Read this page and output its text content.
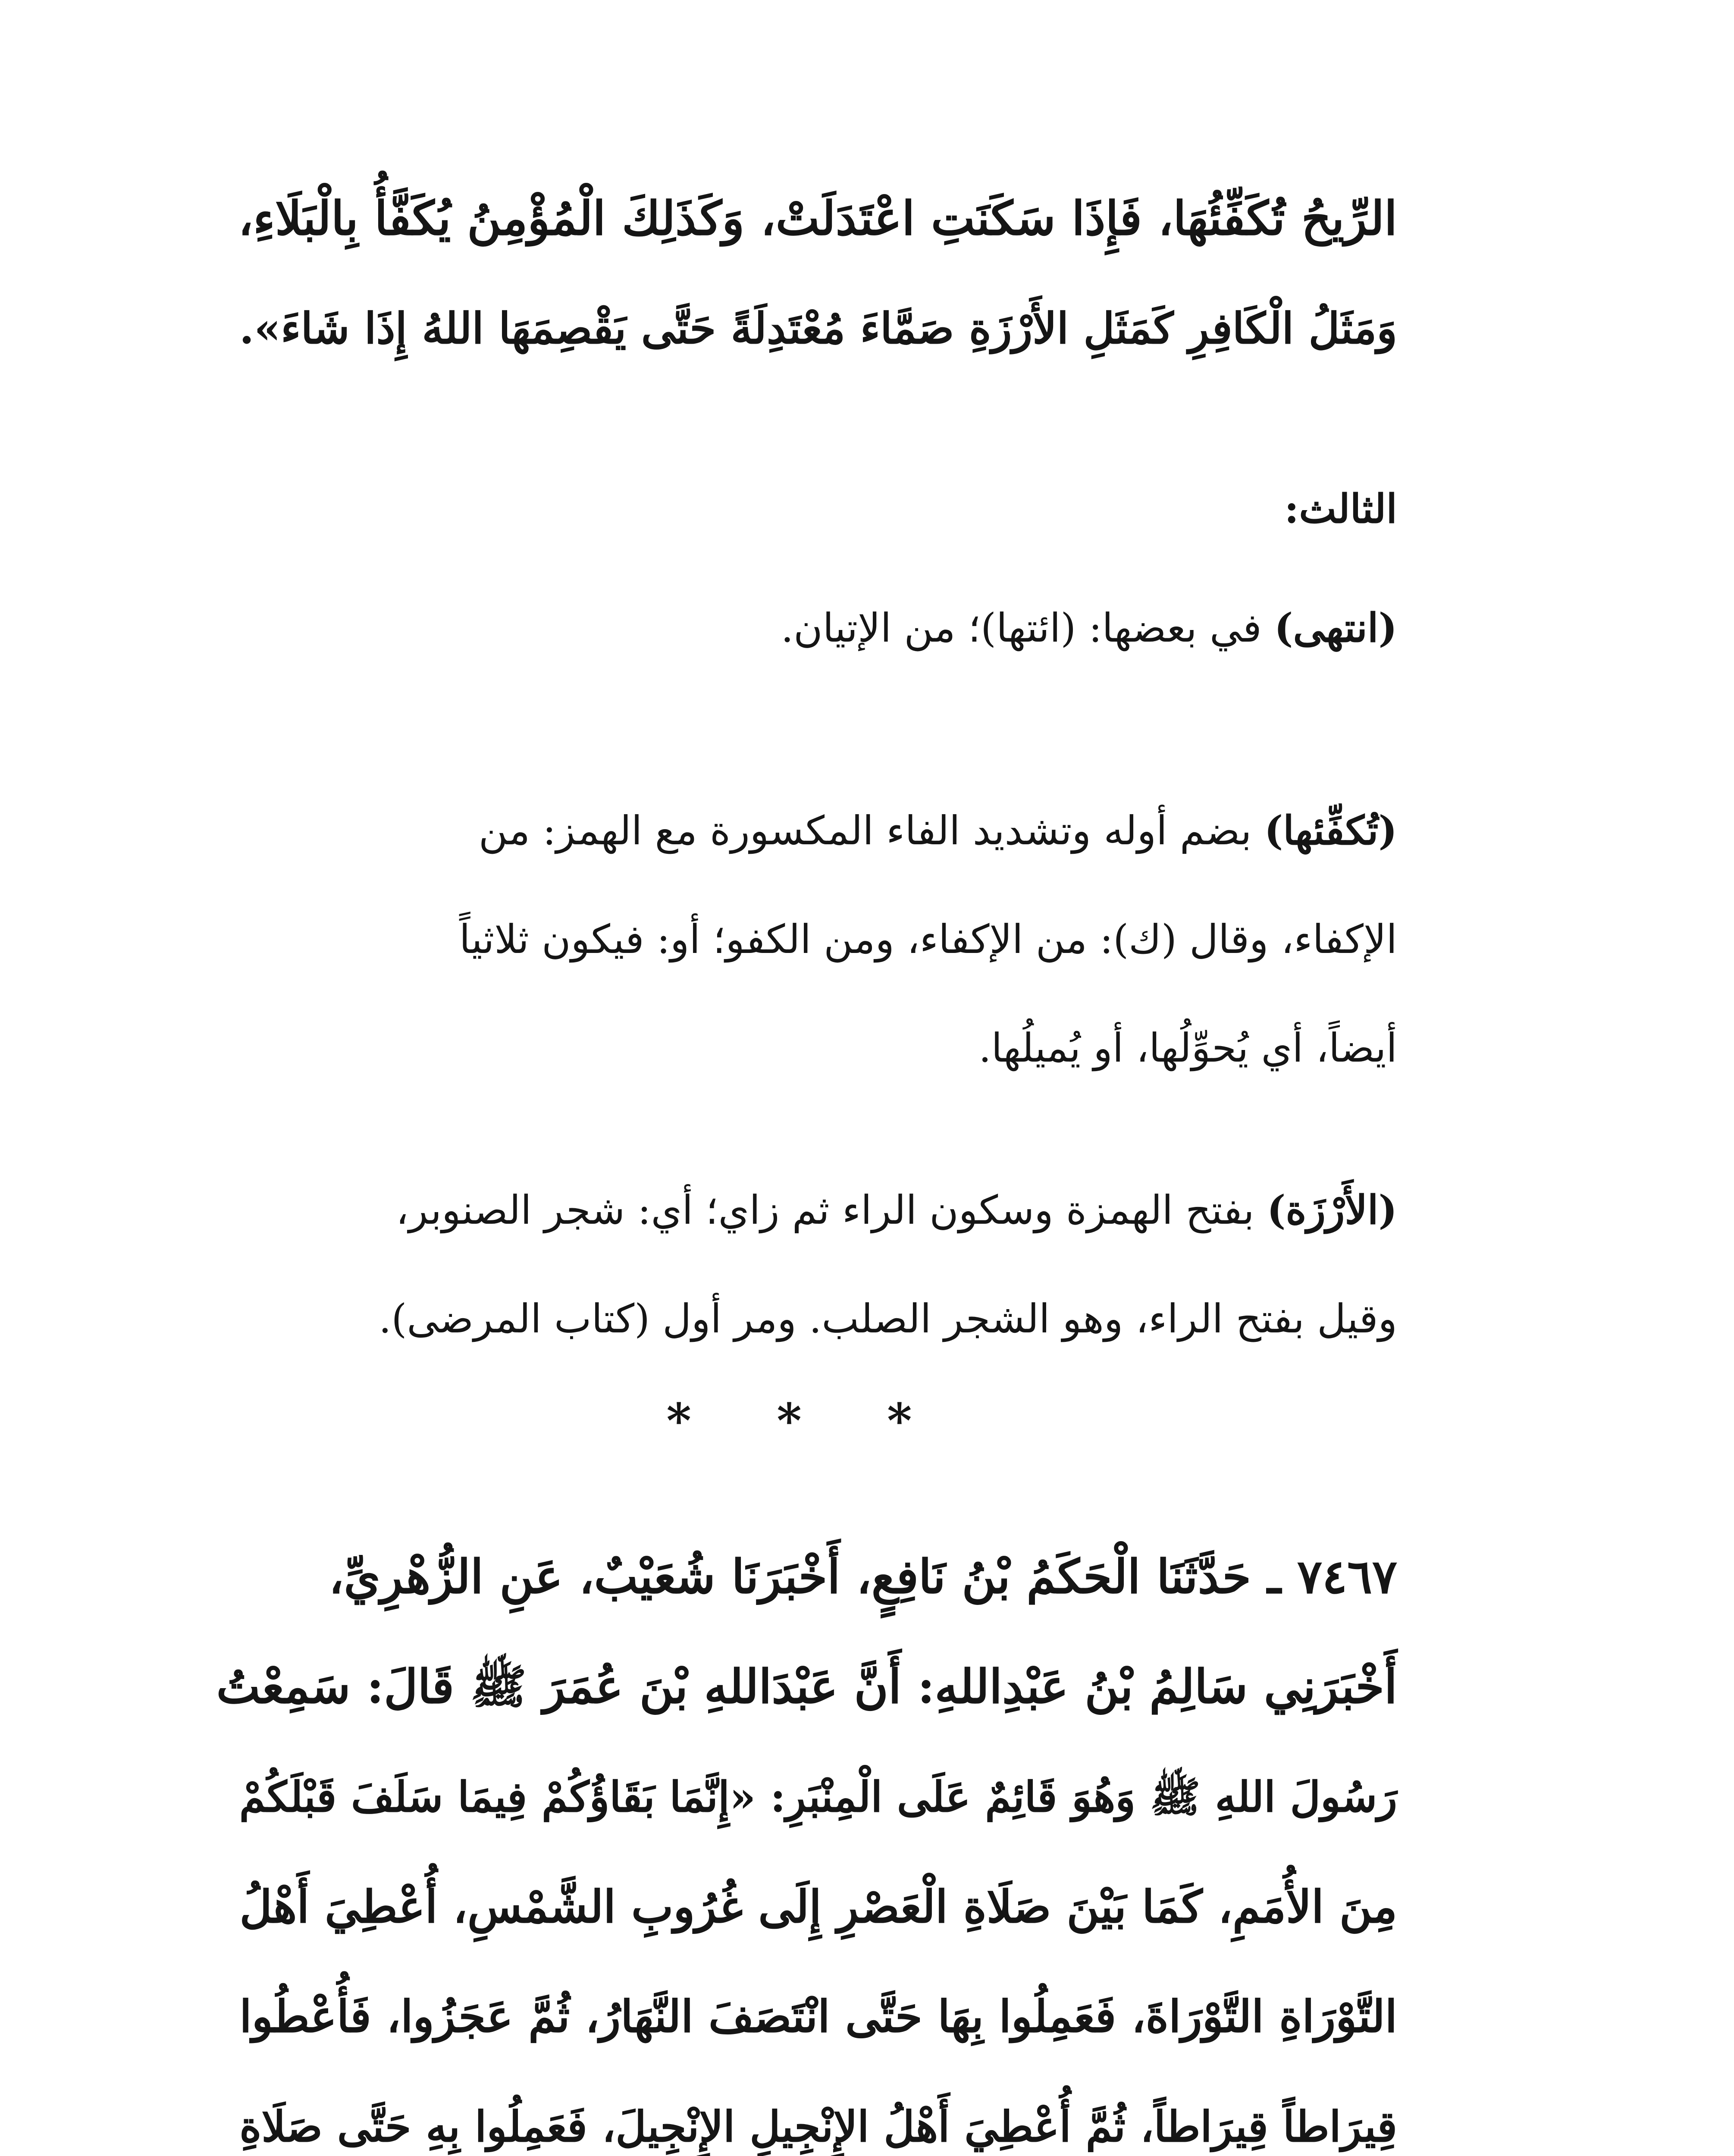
الرِّيحُ تُكَفِّئُهَا، فَإِذَا سَكَنَتِ اعْتَدَلَتْ، وَكَذَلِكَ الْمُؤْمِنُ يُكَفَّأُ بِالْبَلَاءِ،
وَمَثَلُ الْكَافِرِ كَمَثَلِ الأَرْزَةِ صَمَّاءَ مُعْتَدِلَةً حَتَّى يَقْصِمَهَا اللهُ إِذَا شَاءَ».
الثالث:
(انتهى) في بعضها: (ائتها)؛ من الإتيان.
(تُكفِّئها) بضم أوله وتشديد الفاء المكسورة مع الهمز: من
الإكفاء، وقال (ك): من الإكفاء، ومن الكفو؛ أو: فيكون ثلاثياً
أيضاً، أي يُحوِّلُها، أو يُميلُها.
(الأَرْزَة) بفتح الهمزة وسكون الراء ثم زاي؛ أي: شجر الصنوبر،
وقيل بفتح الراء، وهو الشجر الصلب. ومر أول (كتاب المرضى).
* * *
٧٤٦٧ ـ حَدَّثَنَا الْحَكَمُ بْنُ نَافِعٍ، أَخْبَرَنَا شُعَيْبٌ، عَنِ الزُّهْرِيِّ،
أَخْبَرَنِي سَالِمُ بْنُ عَبْدِاللهِ: أَنَّ عَبْدَاللهِ بْنَ عُمَرَ ﷺ قَالَ: سَمِعْتُ
رَسُولَ اللهِ ﷺ وَهُوَ قَائِمٌ عَلَى الْمِنْبَرِ: «إِنَّمَا بَقَاؤُكُمْ فِيمَا سَلَفَ قَبْلَكُمْ
مِنَ الأُمَمِ، كَمَا بَيْنَ صَلَاةِ الْعَصْرِ إِلَى غُرُوبِ الشَّمْسِ، أُعْطِيَ أَهْلُ
التَّوْرَاةِ التَّوْرَاةَ، فَعَمِلُوا بِهَا حَتَّى انْتَصَفَ النَّهَارُ، ثُمَّ عَجَزُوا، فَأُعْطُوا
قِيرَاطاً قِيرَاطاً، ثُمَّ أُعْطِيَ أَهْلُ الإِنْجِيلِ الإِنْجِيلَ، فَعَمِلُوا بِهِ حَتَّى صَلَاةِ
